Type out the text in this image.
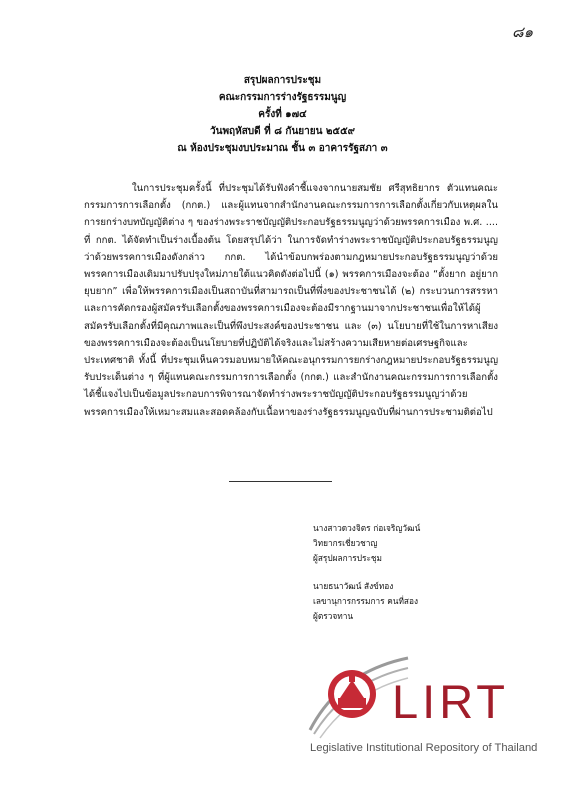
๘๑
สรุปผลการประชุม
คณะกรรมการร่างรัฐธรรมนูญ
ครั้งที่ ๑๗๔
วันพฤหัสบดี ที่ ๘ กันยายน ๒๕๕๙
ณ ห้องประชุมงบประมาณ ชั้น ๓ อาคารรัฐสภา ๓

ในการประชุมครั้งนี้ ที่ประชุมได้รับฟังคำชี้แจงจากนายสมชัย ศรีสุทธิยากร ตัวแทนคณะกรรมการการเลือกตั้ง (กกต.) และผู้แทนจากสำนักงานคณะกรรมการการเลือกตั้งเกี่ยวกับเหตุผลในการยกร่างบทบัญญัติต่าง ๆ ของร่างพระราชบัญญัติประกอบรัฐธรรมนูญว่าด้วยพรรคการเมือง พ.ศ. .... ที่ กกต. ได้จัดทำเป็นร่างเบื้องต้น โดยสรุปได้ว่า ในการจัดทำร่างพระราชบัญญัติประกอบรัฐธรรมนูญว่าด้วยพรรคการเมืองดังกล่าว กกต. ได้นำข้อบกพร่องตามกฎหมายประกอบรัฐธรรมนูญว่าด้วยพรรคการเมืองเดิมมาปรับปรุงใหม่ภายใต้แนวคิดดังต่อไปนี้ (๑) พรรคการเมืองจะต้อง “ตั้งยาก อยู่ยาก ยุบยาก” เพื่อให้พรรคการเมืองเป็นสถาบันที่สามารถเป็นที่พึ่งของประชาชนได้ (๒) กระบวนการสรรหาและการคัดกรองผู้สมัครรับเลือกตั้งของพรรคการเมืองจะต้องมีรากฐานมาจากประชาชนเพื่อให้ได้ผู้สมัครรับเลือกตั้งที่มีคุณภาพและเป็นที่พึงประสงค์ของประชาชน และ (๓) นโยบายที่ใช้ในการหาเสียงของพรรคการเมืองจะต้องเป็นนโยบายที่ปฏิบัติได้จริงและไม่สร้างความเสียหายต่อเศรษฐกิจและประเทศชาติ ทั้งนี้ ที่ประชุมเห็นควรมอบหมายให้คณะอนุกรรมการยกร่างกฎหมายประกอบรัฐธรรมนูญรับประเด็นต่าง ๆ ที่ผู้แทนคณะกรรมการการเลือกตั้ง (กกต.) และสำนักงานคณะกรรมการการเลือกตั้งได้ชี้แจงไปเป็นข้อมูลประกอบการพิจารณาจัดทำร่างพระราชบัญญัติประกอบรัฐธรรมนูญว่าด้วยพรรคการเมืองให้เหมาะสมและสอดคล้องกับเนื้อหาของร่างรัฐธรรมนูญฉบับที่ผ่านการประชามติต่อไป

นางสาวดวงจิตร ก่อเจริญวัฒน์
วิทยากรเชี่ยวชาญ
ผู้สรุปผลการประชุม
นายธนาวัฒน์ สังข์ทอง
เลขานุการกรรมการ คนที่สอง
ผู้ตรวจทาน
LIRT
Legislative Institutional Repository of Thailand
